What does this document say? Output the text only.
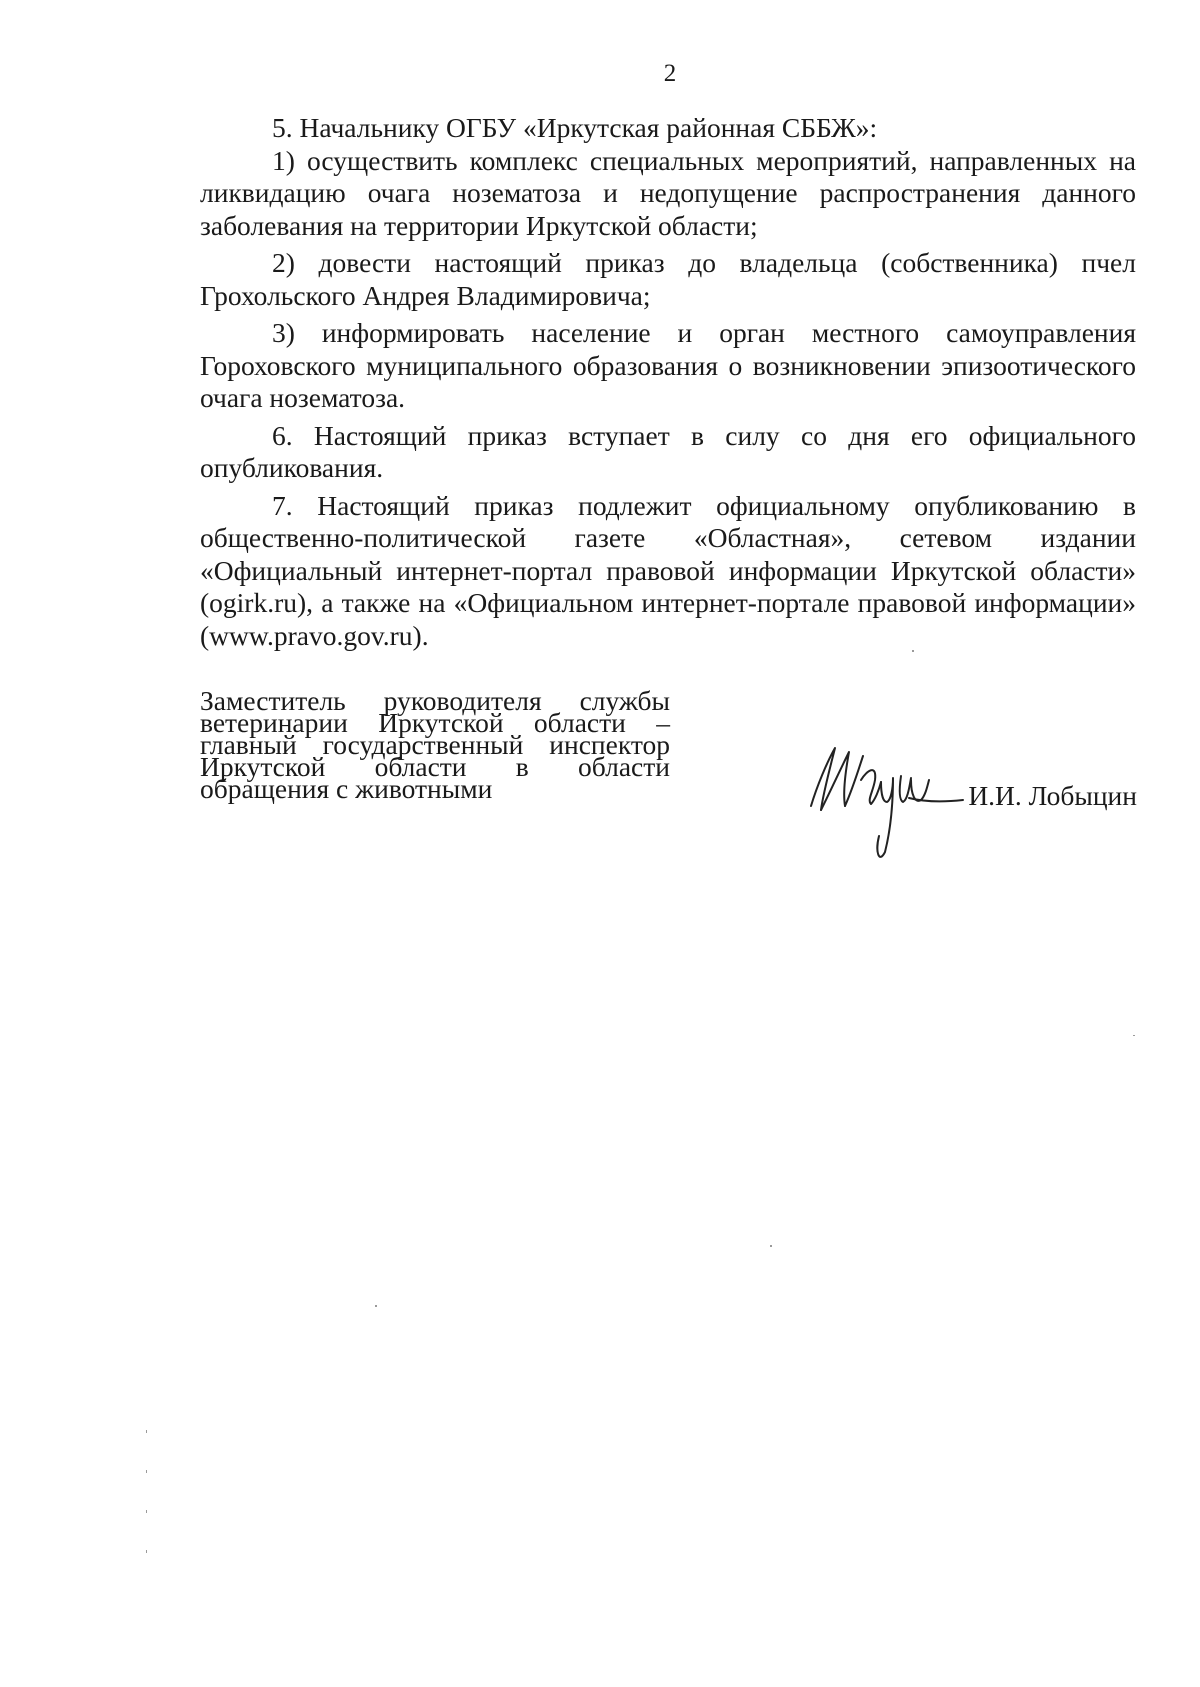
2

5. Начальнику ОГБУ «Иркутская районная СББЖ»:

1) осуществить комплекс специальных мероприятий, направленных на ликвидацию очага нозематоза и недопущение распространения данного заболевания на территории Иркутской области;

2) довести настоящий приказ до владельца (собственника) пчел Грохольского Андрея Владимировича;

3) информировать население и орган местного самоуправления Гороховского муниципального образования о возникновении эпизоотического очага нозематоза.

6. Настоящий приказ вступает в силу со дня его официального опубликования.

7. Настоящий приказ подлежит официальному опубликованию в общественно-политической газете «Областная», сетевом издании «Официальный интернет-портал правовой информации Иркутской области» (ogirk.ru), а также на «Официальном интернет-портале правовой информации» (www.pravo.gov.ru).

Заместитель руководителя службы
ветеринарии Иркутской области –
главный государственный инспектор
Иркутской области в области
обращения с животными	И.И. Лобыцин
